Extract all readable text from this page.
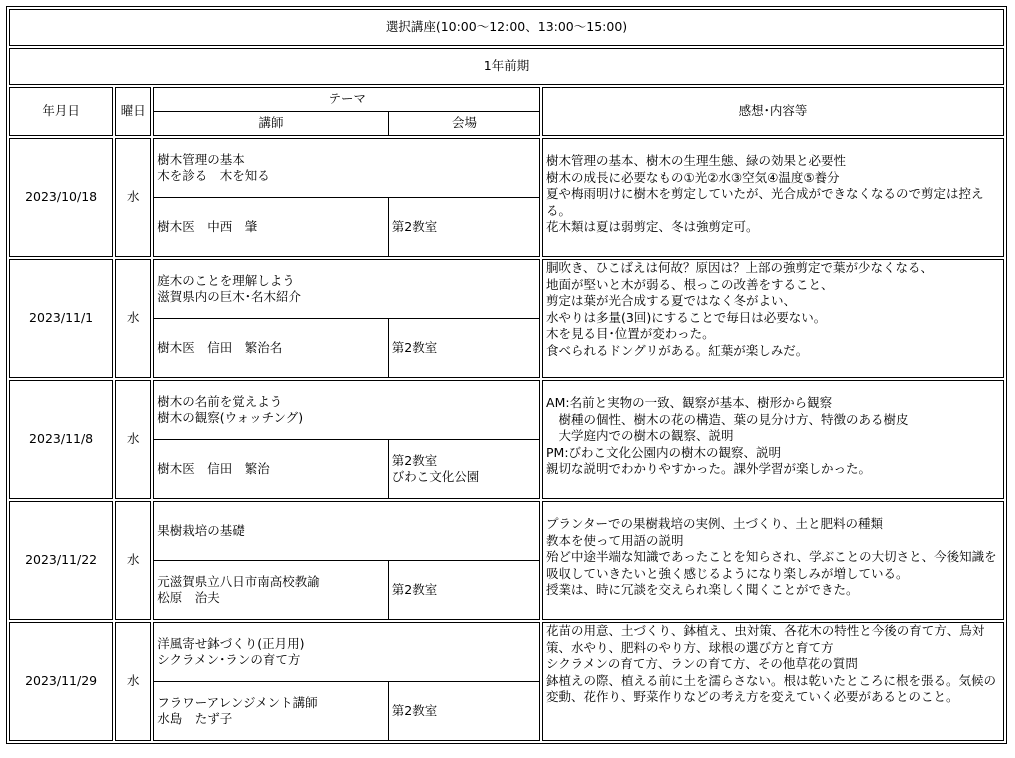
選択講座(10:00～12:00、13:00～15:00)
1年前期
年月日	曜日	
テーマ
講師	会場
	感想･内容等
2023/10/18	水	
樹木管理の基本
木を診る　木を知る
樹木医　中西　肇	第2教室
	樹木管理の基本、樹木の生理生態、緑の効果と必要性
樹木の成長に必要なもの①光②水③空気④温度⑤養分
夏や梅雨明けに樹木を剪定していたが、光合成ができなくなるので剪定は控える。
花木類は夏は弱剪定、冬は強剪定可。
2023/11/1	水	
庭木のことを理解しよう
滋賀県内の巨木･名木紹介
樹木医　信田　繁治名	第2教室
	胴吹き、ひこばえは何故？原因は？上部の強剪定で葉が少なくなる、
地面が堅いと木が弱る、根っこの改善をすること、
剪定は葉が光合成する夏ではなく冬がよい、
水やりは多量(3回)にすることで毎日は必要ない。
木を見る目･位置が変わった。
食べられるドングリがある。紅葉が楽しみだ。
2023/11/8	水	
樹木の名前を覚えよう
樹木の観察(ウォッチング)
樹木医　信田　繁治	第2教室
びわこ文化公園
	AM:名前と実物の一致、観察が基本、樹形から観察
　樹種の個性、樹木の花の構造、葉の見分け方、特徴のある樹皮
　大学庭内での樹木の観察、説明
PM:びわこ文化公園内の樹木の観察、説明
親切な説明でわかりやすかった。課外学習が楽しかった。
2023/11/22	水	
果樹栽培の基礎
元滋賀県立八日市南高校教諭
松原　治夫	第2教室
	プランターでの果樹栽培の実例、土づくり、土と肥料の種類
教本を使って用語の説明
殆ど中途半端な知識であったことを知らされ、学ぶことの大切さと、今後知識を吸収していきたいと強く感じるようになり楽しみが増している。
授業は、時に冗談を交えられ楽しく聞くことができた。
2023/11/29	水	
洋風寄せ鉢づくり(正月用)
シクラメン･ランの育て方
フラワーアレンジメント講師
水島　たず子	第2教室
	花苗の用意、土づくり、鉢植え、虫対策、各花木の特性と今後の育て方、鳥対策、水やり、肥料のやり方、球根の選び方と育て方
シクラメンの育て方、ランの育て方、その他草花の質問
鉢植えの際、植える前に土を濡らさない。根は乾いたところに根を張る。気候の変動、花作り、野菜作りなどの考え方を変えていく必要があるとのこと。
